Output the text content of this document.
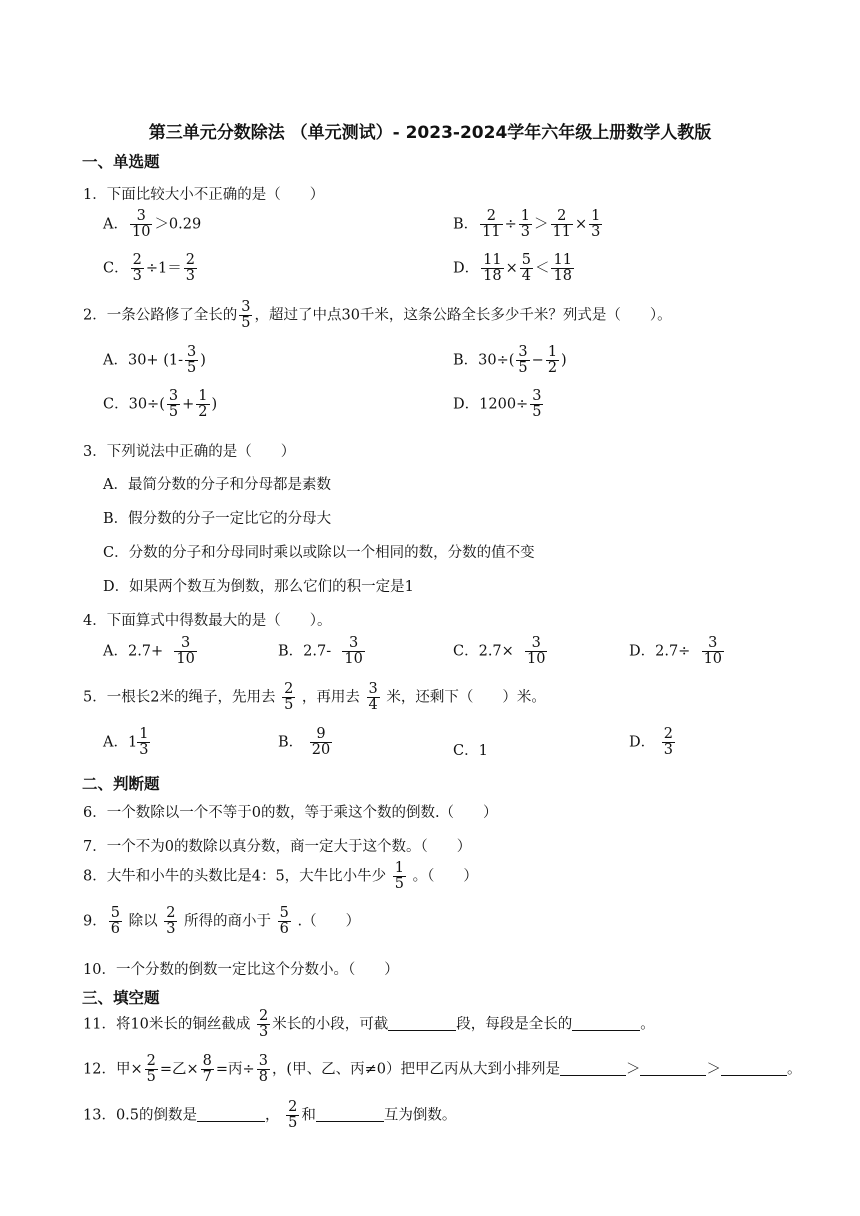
第三单元分数除法 （单元测试）- 2023-2024学年六年级上册数学人教版
一、单选题
1．下面比较大小不正确的是（　　）
A． $\frac{3}{10} >0.29$	B． $\frac{2}{11} \div \frac{1}{3} > \frac{2}{11} \times \frac{1}{3}$
C． $\frac{2}{3} \div 1= \frac{2}{3}$	D． $\frac{11}{18} \times \frac{5}{4} < \frac{11}{18}$
2．一条公路修了全长的 $\frac{3}{5}$ ，超过了中点30千米，这条公路全长多少千米？列式是（　　）。
A．$30+ (1- \frac{3}{5}$ )	B．$30\div( \frac{3}{5} - \frac{1}{2}$ )
C．$30\div( \frac{3}{5} + \frac{1}{2}$ )	D．$1200\div \frac{3}{5}$
3．下列说法中正确的是（　　）
A．最简分数的分子和分母都是素数
B．假分数的分子一定比它的分母大
C．分数的分子和分母同时乘以或除以一个相同的数，分数的值不变
D．如果两个数互为倒数，那么它们的积一定是1
4．下面算式中得数最大的是（　　）。
A．$2.7+ \frac{3}{10}$	B．$2.7- \frac{3}{10}$	C．$2.7\times \frac{3}{10}$	D．$2.7\div \frac{3}{10}$
5．一根长2米的绳子，先用去 $\frac{2}{5}$ ，再用去 $\frac{3}{4}$ 米，还剩下（　　）米。
A．$1 \frac{1}{3}$	B． $\frac{9}{20}$	C．1
D． $\frac{2}{3}$
二、判断题
6．一个数除以一个不等于0的数，等于乘这个数的倒数.（　　）
7．一个不为0的数除以真分数，商一定大于这个数。（　　）
8．大牛和小牛的头数比是4：5，大牛比小牛少 $\frac{1}{5}$ 。（　　）
9． $\frac{5}{6}$ 除以 $\frac{2}{3}$ 所得的商小于 $\frac{5}{6}$ .（　　）
10．一个分数的倒数一定比这个分数小。（　　）
三、填空题
11．将10米长的铜丝截成 $\frac{2}{3}$ 米长的小段，可截	段，每段是全长的	。
12．甲× $\frac{2}{5}$ =乙× $\frac{8}{7}$ =丙÷ $\frac{3}{8}$ ，(甲、乙、丙≠0）把甲乙丙从大到小排列是	＞	＞	。
13．0.5的倒数是	， $\frac{2}{5}$ 和	互为倒数。
